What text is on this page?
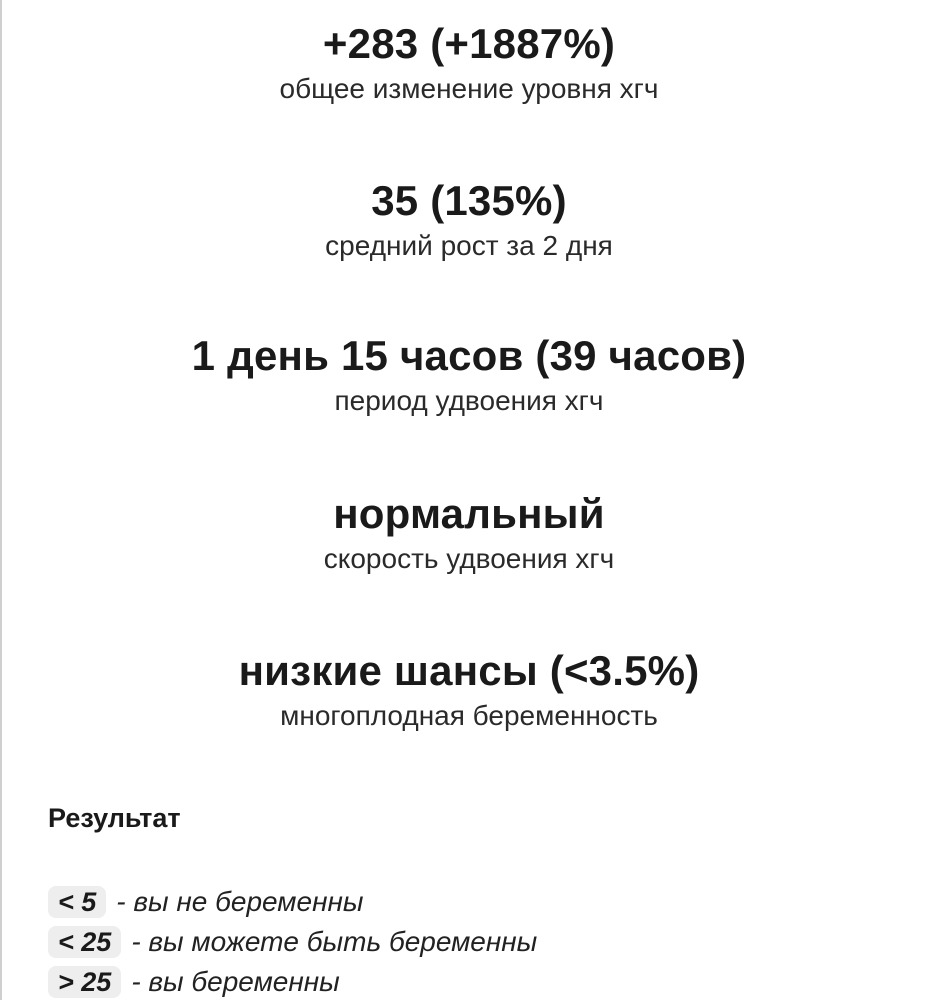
+283 (+1887%)
общее изменение уровня хгч
35 (135%)
средний рост за 2 дня
1 день 15 часов (39 часов)
период удвоения хгч
нормальный
скорость удвоения хгч
низкие шансы (<3.5%)
многоплодная беременность
Результат
< 5 - вы не беременны
< 25 - вы можете быть беременны
> 25 - вы беременны
